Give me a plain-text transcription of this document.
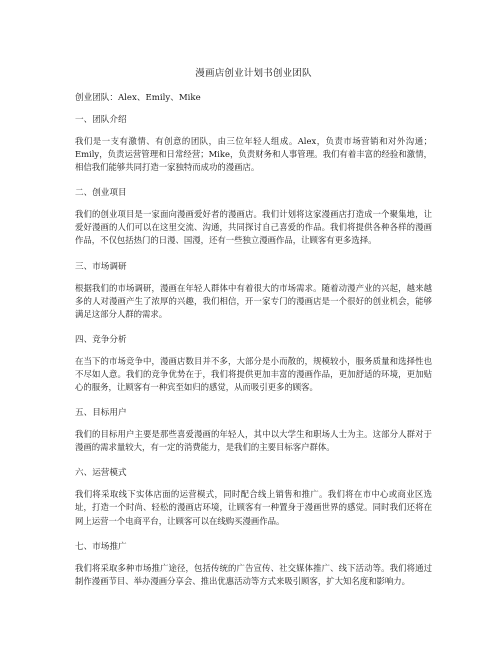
漫画店创业计划书创业团队
创业团队：Alex、Emily、Mike
一、团队介绍
我们是一支有激情、有创意的团队，由三位年轻人组成。Alex，负责市场营销和对外沟通；Emily，负责运营管理和日常经营；Mike，负责财务和人事管理。我们有着丰富的经验和激情，相信我们能够共同打造一家独特而成功的漫画店。
二、创业项目
我们的创业项目是一家面向漫画爱好者的漫画店。我们计划将这家漫画店打造成一个聚集地，让爱好漫画的人们可以在这里交流、沟通，共同探讨自己喜爱的作品。我们将提供各种各样的漫画作品，不仅包括热门的日漫、国漫，还有一些独立漫画作品，让顾客有更多选择。
三、市场调研
根据我们的市场调研，漫画在年轻人群体中有着很大的市场需求。随着动漫产业的兴起，越来越多的人对漫画产生了浓厚的兴趣，我们相信，开一家专门的漫画店是一个很好的创业机会，能够满足这部分人群的需求。
四、竞争分析
在当下的市场竞争中，漫画店数目并不多，大部分是小而散的，规模较小，服务质量和选择性也不尽如人意。我们的竞争优势在于，我们将提供更加丰富的漫画作品，更加舒适的环境，更加贴心的服务，让顾客有一种宾至如归的感觉，从而吸引更多的顾客。
五、目标用户
我们的目标用户主要是那些喜爱漫画的年轻人，其中以大学生和职场人士为主。这部分人群对于漫画的需求量较大，有一定的消费能力，是我们的主要目标客户群体。
六、运营模式
我们将采取线下实体店面的运营模式，同时配合线上销售和推广。我们将在市中心或商业区选址，打造一个时尚、轻松的漫画店环境，让顾客有一种置身于漫画世界的感觉。同时我们还将在网上运营一个电商平台，让顾客可以在线购买漫画作品。
七、市场推广
我们将采取多种市场推广途径，包括传统的广告宣传、社交媒体推广、线下活动等。我们将通过制作漫画节目、举办漫画分享会、推出优惠活动等方式来吸引顾客，扩大知名度和影响力。
